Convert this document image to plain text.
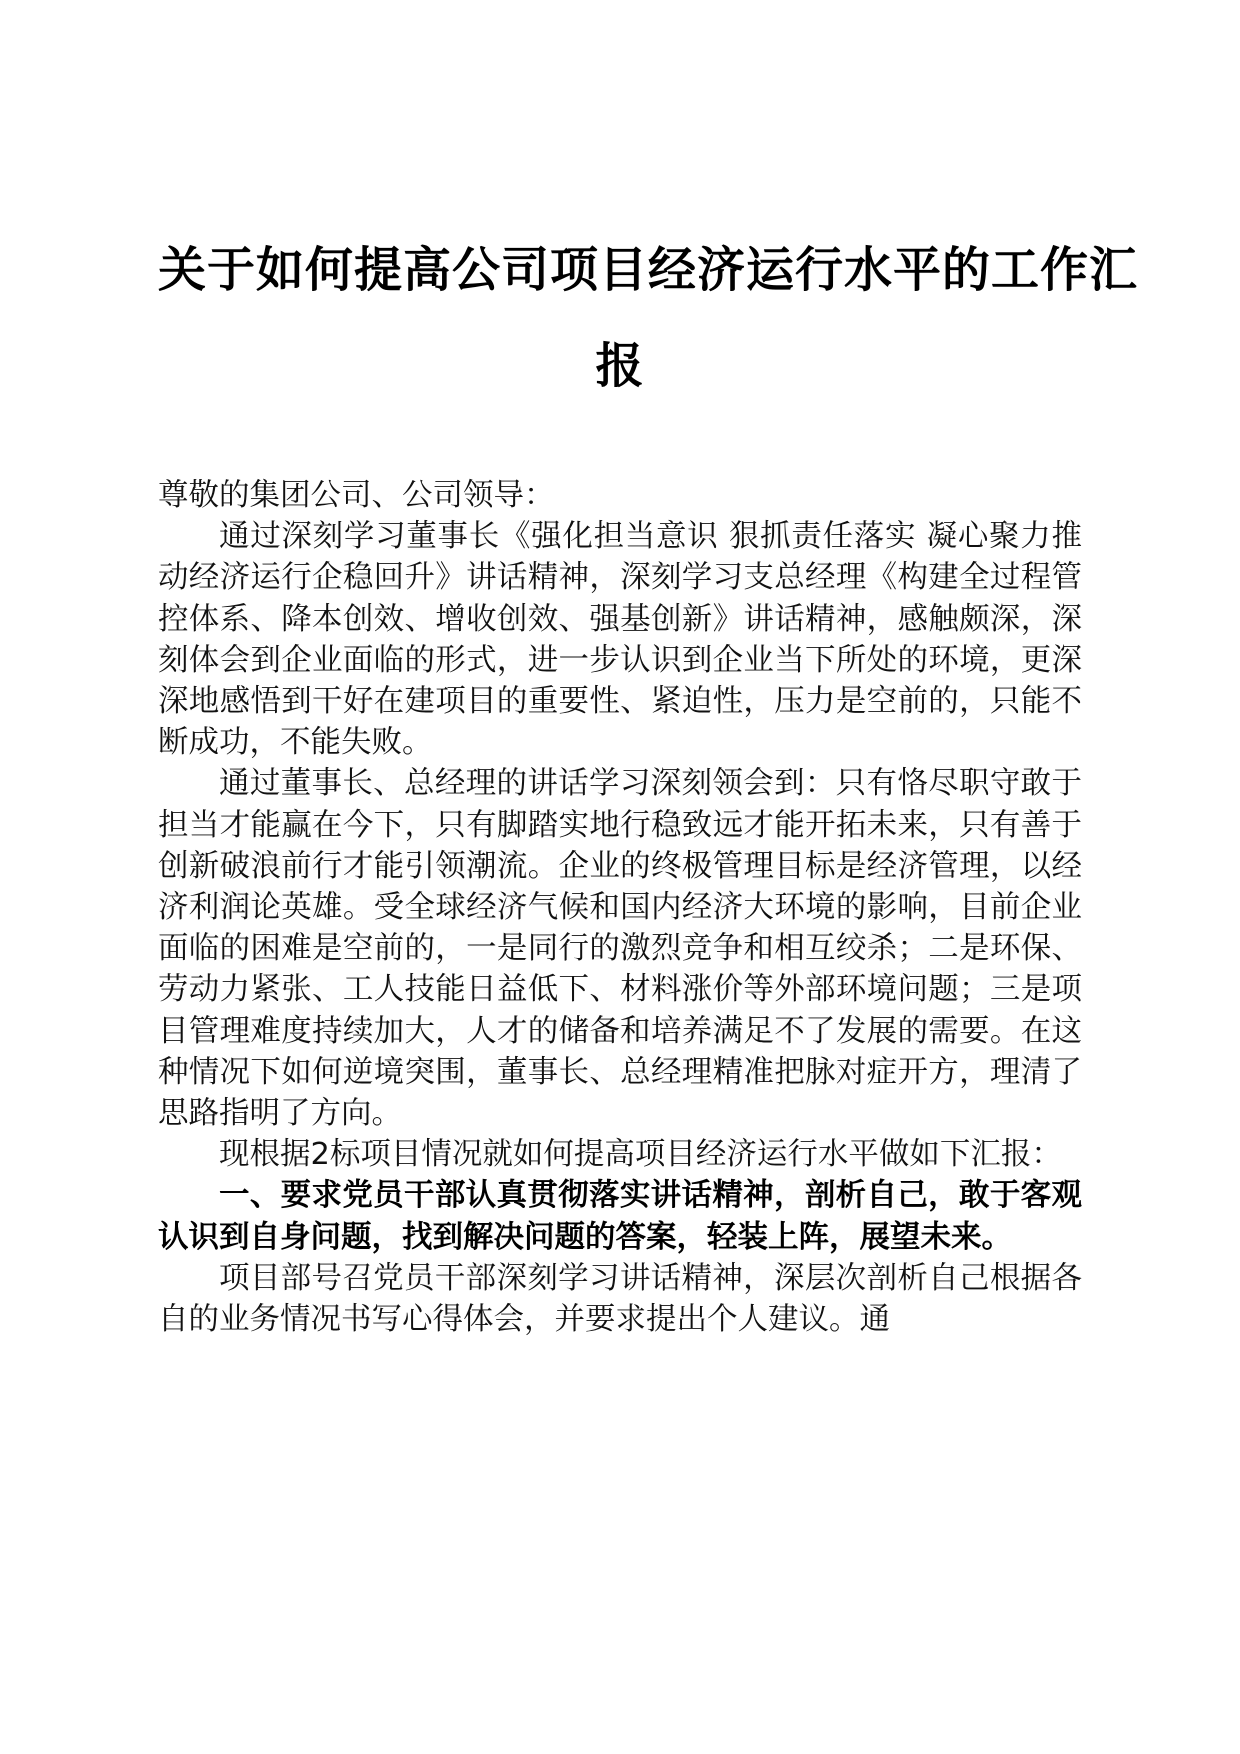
关于如何提高公司项目经济运行水平的工作汇
报

尊敬的集团公司、公司领导：

通过深刻学习董事长《强化担当意识 狠抓责任落实 凝心聚力推动经济运行企稳回升》讲话精神，深刻学习支总经理《构建全过程管控体系、降本创效、增收创效、强基创新》讲话精神，感触颇深，深刻体会到企业面临的形式，进一步认识到企业当下所处的环境，更深深地感悟到干好在建项目的重要性、紧迫性，压力是空前的，只能不断成功，不能失败。

通过董事长、总经理的讲话学习深刻领会到：只有恪尽职守敢于担当才能赢在今下，只有脚踏实地行稳致远才能开拓未来，只有善于创新破浪前行才能引领潮流。企业的终极管理目标是经济管理，以经济利润论英雄。受全球经济气候和国内经济大环境的影响，目前企业面临的困难是空前的，一是同行的激烈竞争和相互绞杀；二是环保、劳动力紧张、工人技能日益低下、材料涨价等外部环境问题；三是项目管理难度持续加大，人才的储备和培养满足不了发展的需要。在这种情况下如何逆境突围，董事长、总经理精准把脉对症开方，理清了思路指明了方向。

现根据2标项目情况就如何提高项目经济运行水平做如下汇报：

一、要求党员干部认真贯彻落实讲话精神，剖析自己，敢于客观认识到自身问题，找到解决问题的答案，轻装上阵，展望未来。

项目部号召党员干部深刻学习讲话精神，深层次剖析自己根据各自的业务情况书写心得体会，并要求提出个人建议。通
